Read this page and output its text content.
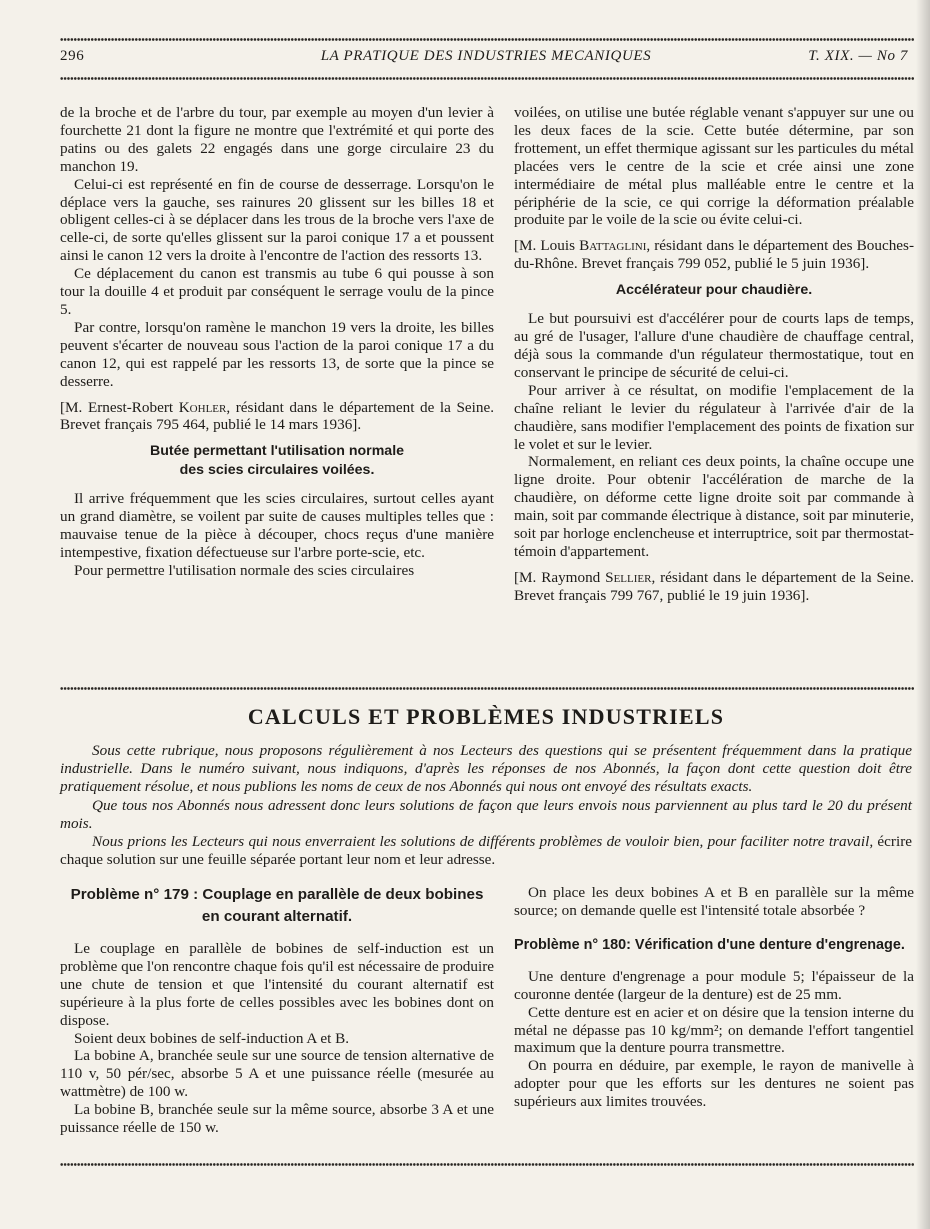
296	LA PRATIQUE DES INDUSTRIES MECANIQUES	T. XIX. — No 7

de la broche et de l'arbre du tour, par exemple au moyen d'un levier à fourchette 21 dont la figure ne montre que l'extrémité et qui porte des patins ou des galets 22 engagés dans une gorge circulaire 23 du manchon 19.

Celui-ci est représenté en fin de course de desserrage. Lorsqu'on le déplace vers la gauche, ses rainures 20 glissent sur les billes 18 et obligent celles-ci à se déplacer dans les trous de la broche vers l'axe de celle-ci, de sorte qu'elles glissent sur la paroi conique 17 a et poussent ainsi le canon 12 vers la droite à l'encontre de l'action des ressorts 13.

Ce déplacement du canon est transmis au tube 6 qui pousse à son tour la douille 4 et produit par conséquent le serrage voulu de la pince 5.

Par contre, lorsqu'on ramène le manchon 19 vers la droite, les billes peuvent s'écarter de nouveau sous l'action de la paroi conique 17 a du canon 12, qui est rappelé par les ressorts 13, de sorte que la pince se desserre.

[M. Ernest-Robert Kohler, résidant dans le département de la Seine. Brevet français 795 464, publié le 14 mars 1936].

Butée permettant l'utilisation normale
des scies circulaires voilées.

Il arrive fréquemment que les scies circulaires, surtout celles ayant un grand diamètre, se voilent par suite de causes multiples telles que : mauvaise tenue de la pièce à découper, chocs reçus d'une manière intempestive, fixation défectueuse sur l'arbre porte-scie, etc.

Pour permettre l'utilisation normale des scies circulaires

voilées, on utilise une butée réglable venant s'appuyer sur une ou les deux faces de la scie. Cette butée détermine, par son frottement, un effet thermique agissant sur les particules du métal placées vers le centre de la scie et crée ainsi une zone intermédiaire de métal plus malléable entre le centre et la périphérie de la scie, ce qui corrige la déformation préalable produite par le voile de la scie ou évite celui-ci.

[M. Louis Battaglini, résidant dans le département des Bouches-du-Rhône. Brevet français 799 052, publié le 5 juin 1936].

Accélérateur pour chaudière.

Le but poursuivi est d'accélérer pour de courts laps de temps, au gré de l'usager, l'allure d'une chaudière de chauffage central, déjà sous la commande d'un régulateur thermostatique, tout en conservant le principe de sécurité de celui-ci.

Pour arriver à ce résultat, on modifie l'emplacement de la chaîne reliant le levier du régulateur à l'arrivée d'air de la chaudière, sans modifier l'emplacement des points de fixation sur le volet et sur le levier.

Normalement, en reliant ces deux points, la chaîne occupe une ligne droite. Pour obtenir l'accélération de marche de la chaudière, on déforme cette ligne droite soit par commande à main, soit par commande électrique à distance, soit par minuterie, soit par horloge enclencheuse et interruptrice, soit par thermostat-témoin d'appartement.

[M. Raymond Sellier, résidant dans le département de la Seine. Brevet français 799 767, publié le 19 juin 1936].

CALCULS ET PROBLÈMES INDUSTRIELS

Sous cette rubrique, nous proposons régulièrement à nos Lecteurs des questions qui se présentent fréquemment dans la pratique industrielle. Dans le numéro suivant, nous indiquons, d'après les réponses de nos Abonnés, la façon dont cette question doit être pratiquement résolue, et nous publions les noms de ceux de nos Abonnés qui nous ont envoyé des résultats exacts.

Que tous nos Abonnés nous adressent donc leurs solutions de façon que leurs envois nous parviennent au plus tard le 20 du présent mois.

Nous prions les Lecteurs qui nous enverraient les solutions de différents problèmes de vouloir bien, pour faciliter notre travail, écrire chaque solution sur une feuille séparée portant leur nom et leur adresse.

Problème n° 179 : Couplage en parallèle de deux bobines
en courant alternatif.

Le couplage en parallèle de bobines de self-induction est un problème que l'on rencontre chaque fois qu'il est nécessaire de produire une chute de tension et que l'intensité du courant alternatif est supérieure à la plus forte de celles possibles avec les bobines dont on dispose.

Soient deux bobines de self-induction A et B.

La bobine A, branchée seule sur une source de tension alternative de 110 v, 50 pér/sec, absorbe 5 A et une puissance réelle (mesurée au wattmètre) de 100 w.

La bobine B, branchée seule sur la même source, absorbe 3 A et une puissance réelle de 150 w.

On place les deux bobines A et B en parallèle sur la même source; on demande quelle est l'intensité totale absorbée ?

Problème n° 180: Vérification d'une denture d'engrenage.

Une denture d'engrenage a pour module 5; l'épaisseur de la couronne dentée (largeur de la denture) est de 25 mm.

Cette denture est en acier et on désire que la tension interne du métal ne dépasse pas 10 kg/mm²; on demande l'effort tangentiel maximum que la denture pourra transmettre.

On pourra en déduire, par exemple, le rayon de manivelle à adopter pour que les efforts sur les dentures ne soient pas supérieurs aux limites trouvées.
